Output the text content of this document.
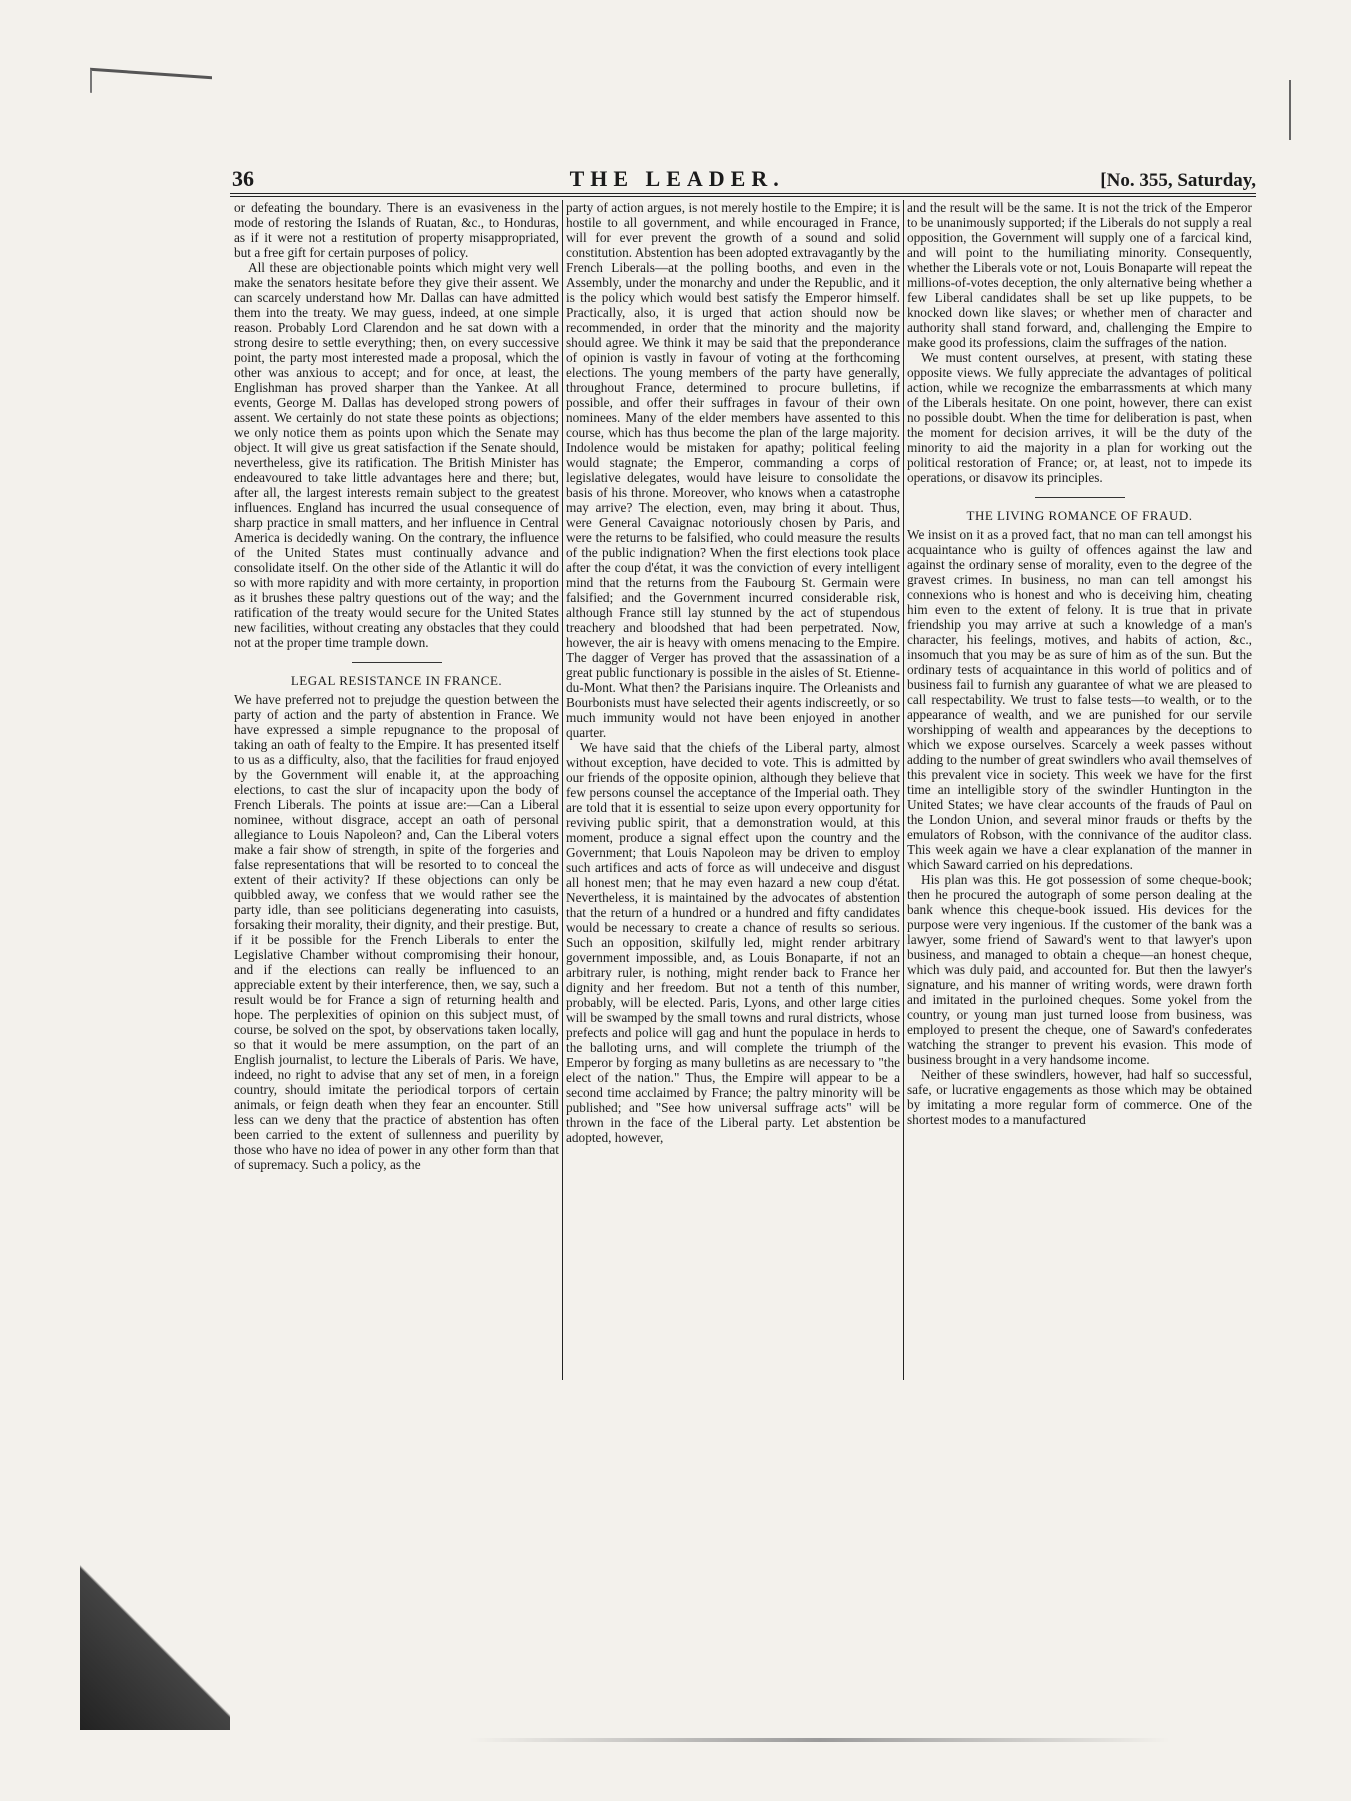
36	THE LEADER.	[No. 355, Saturday,

or defeating the boundary. There is an evasiveness in the mode of restoring the Islands of Ruatan, &c., to Honduras, as if it were not a restitution of property misappropriated, but a free gift for certain purposes of policy.

All these are objectionable points which might very well make the senators hesitate before they give their assent. We can scarcely understand how Mr. Dallas can have admitted them into the treaty. We may guess, indeed, at one simple reason. Probably Lord Clarendon and he sat down with a strong desire to settle everything; then, on every successive point, the party most interested made a proposal, which the other was anxious to accept; and for once, at least, the Englishman has proved sharper than the Yankee. At all events, George M. Dallas has developed strong powers of assent. We certainly do not state these points as objections; we only notice them as points upon which the Senate may object. It will give us great satisfaction if the Senate should, nevertheless, give its ratification. The British Minister has endeavoured to take little advantages here and there; but, after all, the largest interests remain subject to the greatest influences. England has incurred the usual consequence of sharp practice in small matters, and her influence in Central America is decidedly waning. On the contrary, the influence of the United States must continually advance and consolidate itself. On the other side of the Atlantic it will do so with more rapidity and with more certainty, in proportion as it brushes these paltry questions out of the way; and the ratification of the treaty would secure for the United States new facilities, without creating any obstacles that they could not at the proper time trample down.

LEGAL RESISTANCE IN FRANCE.

We have preferred not to prejudge the question between the party of action and the party of abstention in France. We have expressed a simple repugnance to the proposal of taking an oath of fealty to the Empire. It has presented itself to us as a difficulty, also, that the facilities for fraud enjoyed by the Government will enable it, at the approaching elections, to cast the slur of incapacity upon the body of French Liberals. The points at issue are:—Can a Liberal nominee, without disgrace, accept an oath of personal allegiance to Louis Napoleon? and, Can the Liberal voters make a fair show of strength, in spite of the forgeries and false representations that will be resorted to to conceal the extent of their activity? If these objections can only be quibbled away, we confess that we would rather see the party idle, than see politicians degenerating into casuists, forsaking their morality, their dignity, and their prestige. But, if it be possible for the French Liberals to enter the Legislative Chamber without compromising their honour, and if the elections can really be influenced to an appreciable extent by their interference, then, we say, such a result would be for France a sign of returning health and hope. The perplexities of opinion on this subject must, of course, be solved on the spot, by observations taken locally, so that it would be mere assumption, on the part of an English journalist, to lecture the Liberals of Paris. We have, indeed, no right to advise that any set of men, in a foreign country, should imitate the periodical torpors of certain animals, or feign death when they fear an encounter. Still less can we deny that the practice of abstention has often been carried to the extent of sullenness and puerility by those who have no idea of power in any other form than that of supremacy. Such a policy, as the

party of action argues, is not merely hostile to the Empire; it is hostile to all government, and while encouraged in France, will for ever prevent the growth of a sound and solid constitution. Abstention has been adopted extravagantly by the French Liberals—at the polling booths, and even in the Assembly, under the monarchy and under the Republic, and it is the policy which would best satisfy the Emperor himself. Practically, also, it is urged that action should now be recommended, in order that the minority and the majority should agree. We think it may be said that the preponderance of opinion is vastly in favour of voting at the forthcoming elections. The young members of the party have generally, throughout France, determined to procure bulletins, if possible, and offer their suffrages in favour of their own nominees. Many of the elder members have assented to this course, which has thus become the plan of the large majority. Indolence would be mistaken for apathy; political feeling would stagnate; the Emperor, commanding a corps of legislative delegates, would have leisure to consolidate the basis of his throne. Moreover, who knows when a catastrophe may arrive? The election, even, may bring it about. Thus, were General Cavaignac notoriously chosen by Paris, and were the returns to be falsified, who could measure the results of the public indignation? When the first elections took place after the coup d'état, it was the conviction of every intelligent mind that the returns from the Faubourg St. Germain were falsified; and the Government incurred considerable risk, although France still lay stunned by the act of stupendous treachery and bloodshed that had been perpetrated. Now, however, the air is heavy with omens menacing to the Empire. The dagger of Verger has proved that the assassination of a great public functionary is possible in the aisles of St. Etienne-du-Mont. What then? the Parisians inquire. The Orleanists and Bourbonists must have selected their agents indiscreetly, or so much immunity would not have been enjoyed in another quarter.

We have said that the chiefs of the Liberal party, almost without exception, have decided to vote. This is admitted by our friends of the opposite opinion, although they believe that few persons counsel the acceptance of the Imperial oath. They are told that it is essential to seize upon every opportunity for reviving public spirit, that a demonstration would, at this moment, produce a signal effect upon the country and the Government; that Louis Napoleon may be driven to employ such artifices and acts of force as will undeceive and disgust all honest men; that he may even hazard a new coup d'état. Nevertheless, it is maintained by the advocates of abstention that the return of a hundred or a hundred and fifty candidates would be necessary to create a chance of results so serious. Such an opposition, skilfully led, might render arbitrary government impossible, and, as Louis Bonaparte, if not an arbitrary ruler, is nothing, might render back to France her dignity and her freedom. But not a tenth of this number, probably, will be elected. Paris, Lyons, and other large cities will be swamped by the small towns and rural districts, whose prefects and police will gag and hunt the populace in herds to the balloting urns, and will complete the triumph of the Emperor by forging as many bulletins as are necessary to "the elect of the nation." Thus, the Empire will appear to be a second time acclaimed by France; the paltry minority will be published; and "See how universal suffrage acts" will be thrown in the face of the Liberal party. Let abstention be adopted, however,

and the result will be the same. It is not the trick of the Emperor to be unanimously supported; if the Liberals do not supply a real opposition, the Government will supply one of a farcical kind, and will point to the humiliating minority. Consequently, whether the Liberals vote or not, Louis Bonaparte will repeat the millions-of-votes deception, the only alternative being whether a few Liberal candidates shall be set up like puppets, to be knocked down like slaves; or whether men of character and authority shall stand forward, and, challenging the Empire to make good its professions, claim the suffrages of the nation.

We must content ourselves, at present, with stating these opposite views. We fully appreciate the advantages of political action, while we recognize the embarrassments at which many of the Liberals hesitate. On one point, however, there can exist no possible doubt. When the time for deliberation is past, when the moment for decision arrives, it will be the duty of the minority to aid the majority in a plan for working out the political restoration of France; or, at least, not to impede its operations, or disavow its principles.

THE LIVING ROMANCE OF FRAUD.

We insist on it as a proved fact, that no man can tell amongst his acquaintance who is guilty of offences against the law and against the ordinary sense of morality, even to the degree of the gravest crimes. In business, no man can tell amongst his connexions who is honest and who is deceiving him, cheating him even to the extent of felony. It is true that in private friendship you may arrive at such a knowledge of a man's character, his feelings, motives, and habits of action, &c., insomuch that you may be as sure of him as of the sun. But the ordinary tests of acquaintance in this world of politics and of business fail to furnish any guarantee of what we are pleased to call respectability. We trust to false tests—to wealth, or to the appearance of wealth, and we are punished for our servile worshipping of wealth and appearances by the deceptions to which we expose ourselves. Scarcely a week passes without adding to the number of great swindlers who avail themselves of this prevalent vice in society. This week we have for the first time an intelligible story of the swindler Huntington in the United States; we have clear accounts of the frauds of Paul on the London Union, and several minor frauds or thefts by the emulators of Robson, with the connivance of the auditor class. This week again we have a clear explanation of the manner in which Saward carried on his depredations.

His plan was this. He got possession of some cheque-book; then he procured the autograph of some person dealing at the bank whence this cheque-book issued. His devices for the purpose were very ingenious. If the customer of the bank was a lawyer, some friend of Saward's went to that lawyer's upon business, and managed to obtain a cheque—an honest cheque, which was duly paid, and accounted for. But then the lawyer's signature, and his manner of writing words, were drawn forth and imitated in the purloined cheques. Some yokel from the country, or young man just turned loose from business, was employed to present the cheque, one of Saward's confederates watching the stranger to prevent his evasion. This mode of business brought in a very handsome income.

Neither of these swindlers, however, had half so successful, safe, or lucrative engagements as those which may be obtained by imitating a more regular form of commerce. One of the shortest modes to a manufactured
